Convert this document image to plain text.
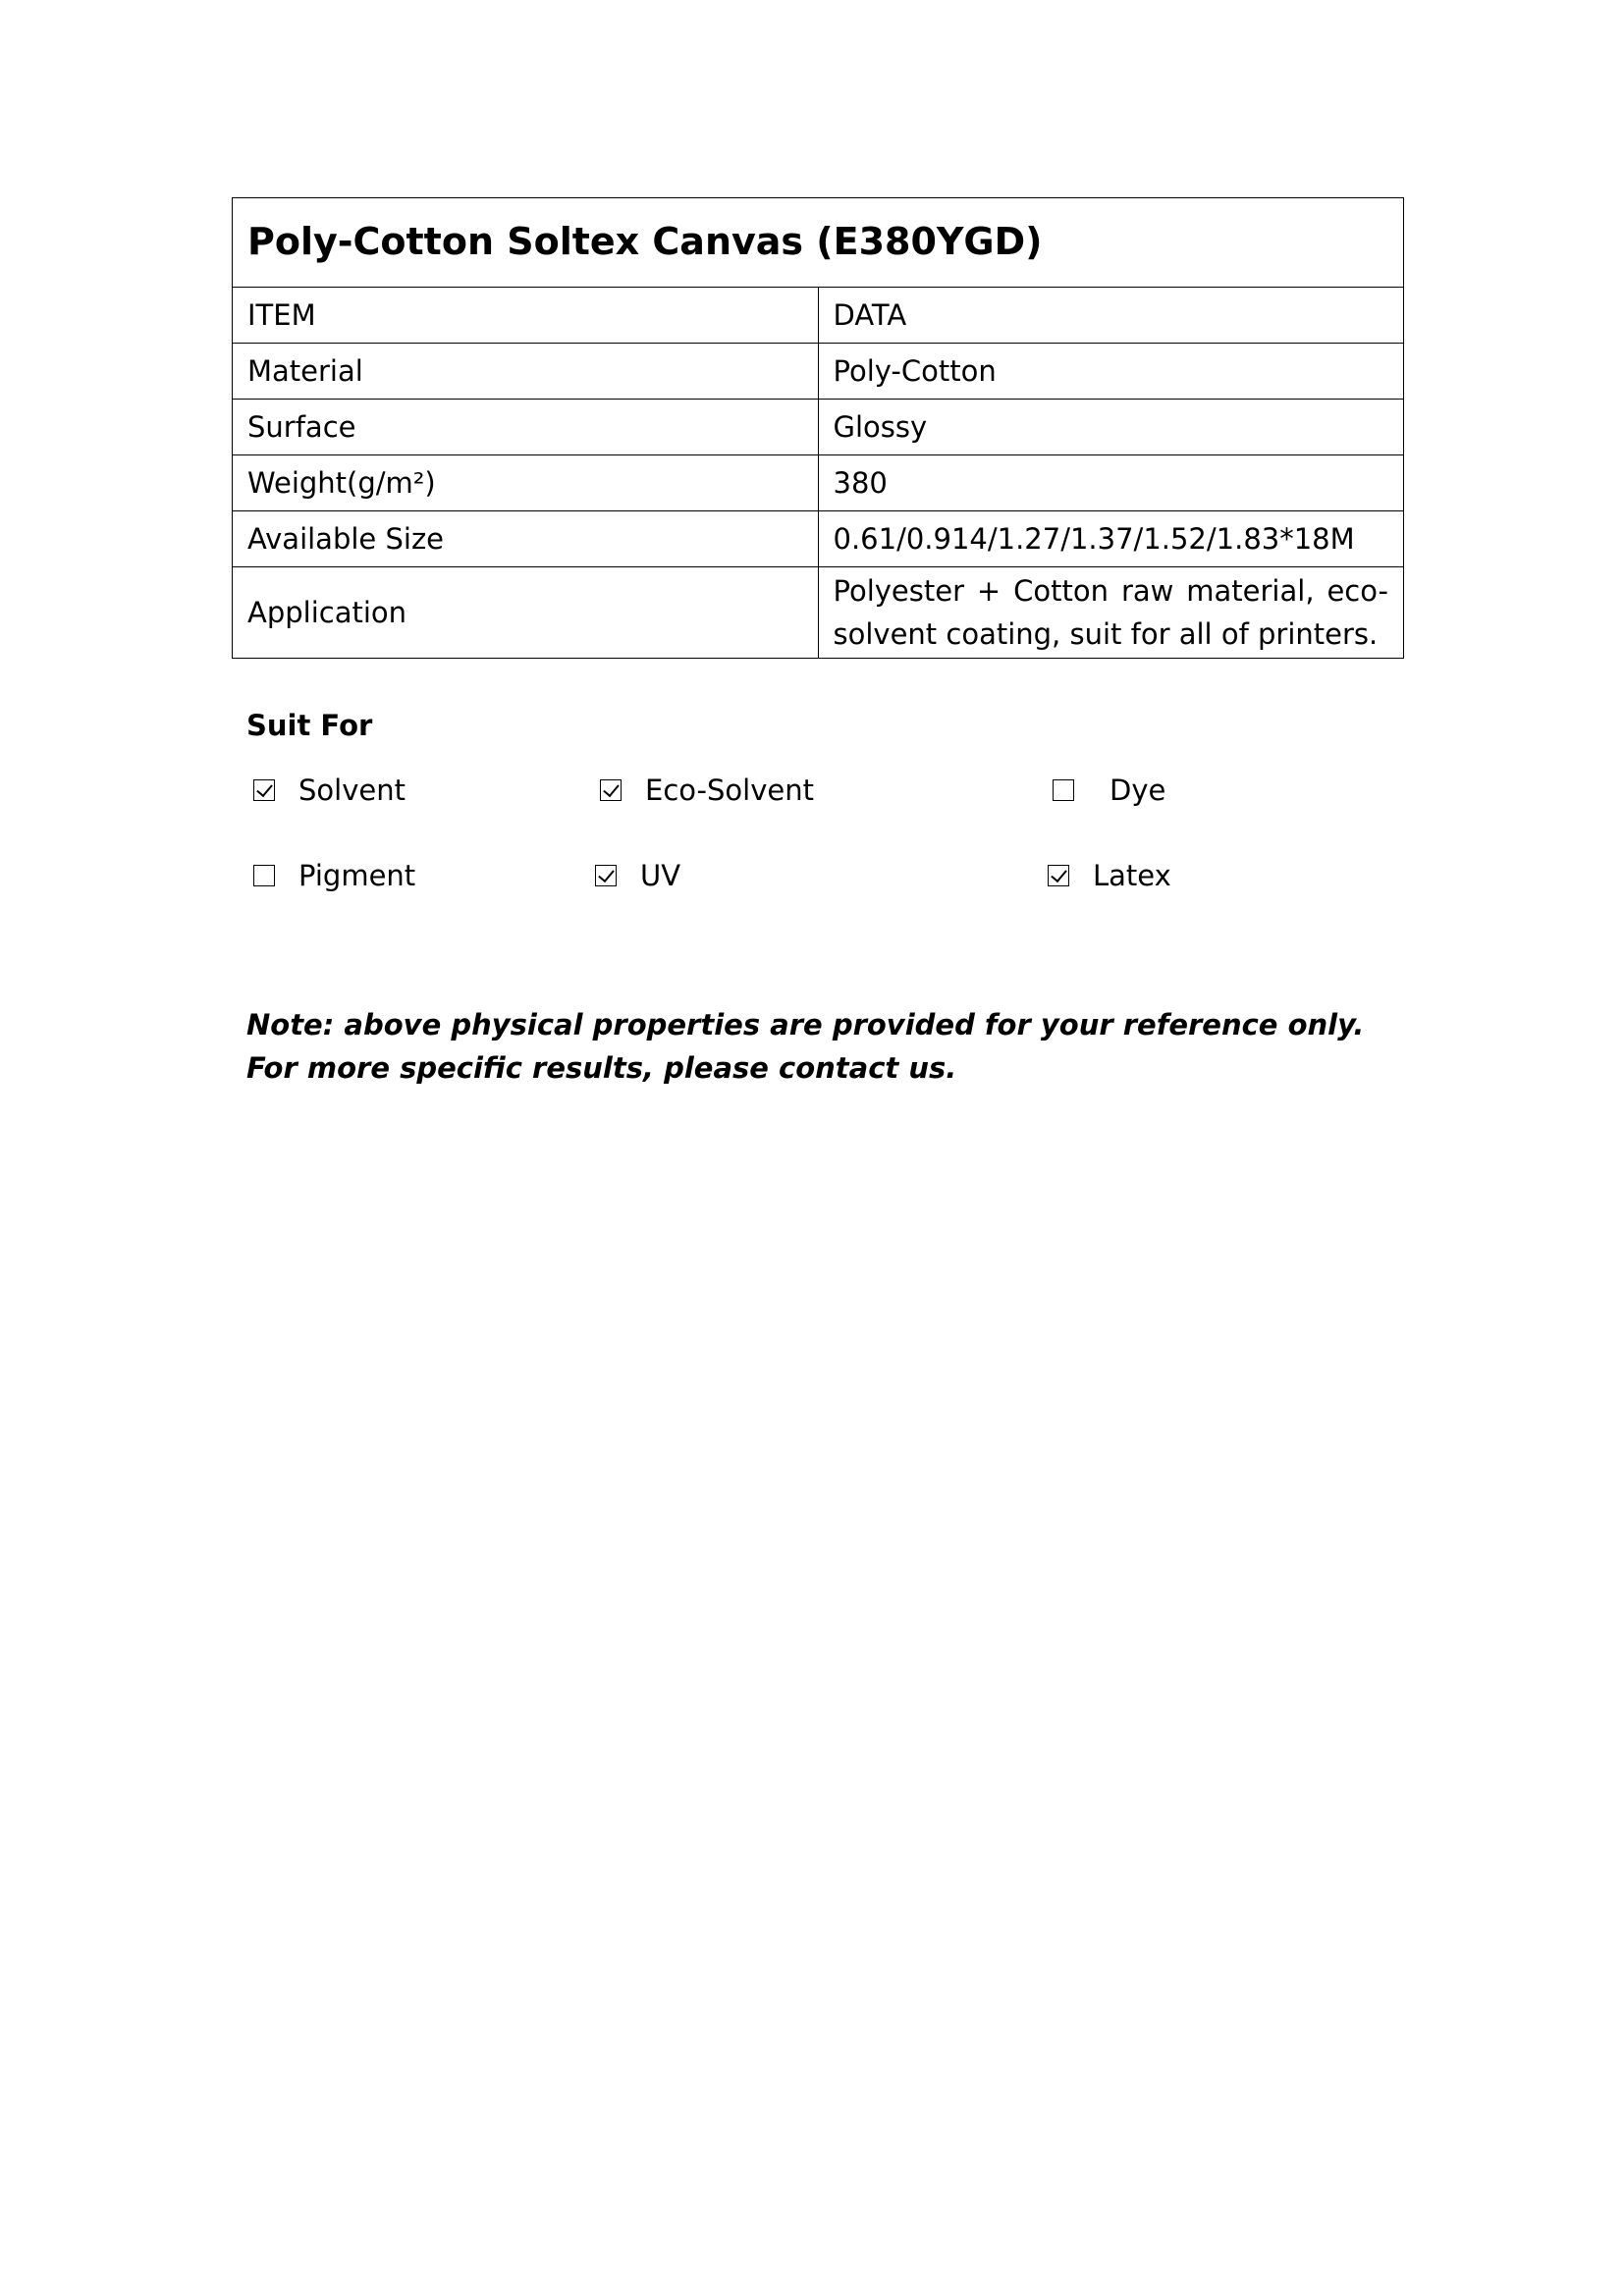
Poly-Cotton Soltex Canvas (E380YGD)	
ITEM	DATA
Material	Poly-Cotton
Surface	Glossy
Weight(g/m²)	380
Available Size	0.61/0.914/1.27/1.37/1.52/1.83*18M
Application	Polyester + Cotton raw material, eco-solvent coating, suit for all of printers.
Suit For
Solvent	Eco-Solvent	Dye
Pigment	UV	Latex
Note: above physical properties are provided for your reference only.
For more specific results, please contact us.
